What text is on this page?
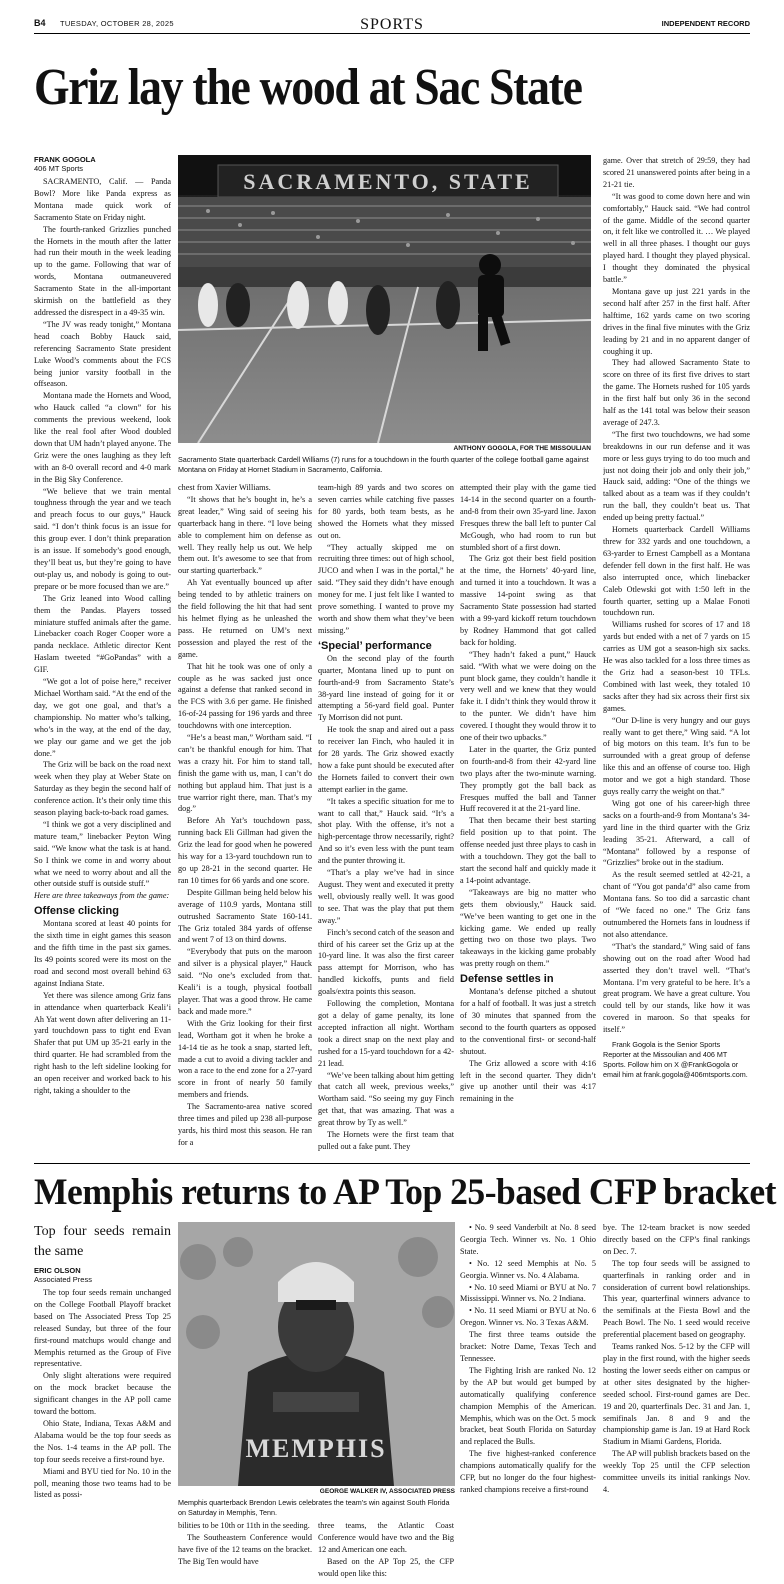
B4 TUESDAY, OCTOBER 28, 2025	SPORTS	INDEPENDENT RECORD
Griz lay the wood at Sac State
SACRAMENTO, STATE
ANTHONY GOGOLA, FOR THE MISSOULIAN
Sacramento State quarterback Cardell Williams (7) runs for a touchdown in the fourth quarter of the college football game against Montana on Friday at Hornet Stadium in Sacramento, California.
FRANK GOGOLA
406 MT Sports

SACRAMENTO, Calif. — Panda Bowl? More like Panda express as Montana made quick work of Sacramento State on Friday night.

The fourth-ranked Grizzlies punched the Hornets in the mouth after the latter had run their mouth in the week leading up to the game. Following that war of words, Montana outmaneuvered Sacramento State in the all-important skirmish on the battlefield as they addressed the disrespect in a 49-35 win.

“The JV was ready tonight,” Montana head coach Bobby Hauck said, referencing Sacramento State president Luke Wood’s comments about the FCS being junior varsity football in the offseason.

Montana made the Hornets and Wood, who Hauck called “a clown” for his comments the previous weekend, look like the real fool after Wood doubled down that UM hadn’t played anyone. The Griz were the ones laughing as they left with an 8-0 overall record and 4-0 mark in the Big Sky Conference.

“We believe that we train mental toughness through the year and we teach and preach focus to our guys,” Hauck said. “I don’t think focus is an issue for this group ever. I don’t think preparation is an issue. If somebody’s good enough, they’ll beat us, but they’re going to have out-play us, and nobody is going to out-prepare or be more focused than we are.”

The Griz leaned into Wood calling them the Pandas. Players tossed miniature stuffed animals after the game. Linebacker coach Roger Cooper wore a panda necklace. Athletic director Kent Haslam tweeted “#GoPandas” with a GIF.

“We got a lot of poise here,” receiver Michael Wortham said. “At the end of the day, we got one goal, and that’s a championship. No matter who’s talking, who’s in the way, at the end of the day, we play our game and we get the job done.”

The Griz will be back on the road next week when they play at Weber State on Saturday as they begin the second half of conference action. It’s their only time this season playing back-to-back road games.

“I think we got a very disciplined and mature team,” linebacker Peyton Wing said. “We know what the task is at hand. So I think we come in and worry about what we need to worry about and all the other outside stuff is outside stuff.”

Here are three takeaways from the game:

Offense clicking

Montana scored at least 40 points for the sixth time in eight games this season and the fifth time in the past six games. Its 49 points scored were its most on the road and second most overall behind 63 against Indiana State.

Yet there was silence among Griz fans in attendance when quarterback Keali’i Ah Yat went down after delivering an 11-yard touchdown pass to tight end Evan Shafer that put UM up 35-21 early in the third quarter. He had scrambled from the right hash to the left sideline looking for an open receiver and worked back to his right, taking a shoulder to the

chest from Xavier Williams.

“It shows that he’s bought in, he’s a great leader,” Wing said of seeing his quarterback hang in there. “I love being able to complement him on defense as well. They really help us out. We help them out. It’s awesome to see that from our starting quarterback.”

Ah Yat eventually bounced up after being tended to by athletic trainers on the field following the hit that had sent his helmet flying as he unleashed the pass. He returned on UM’s next possession and played the rest of the game.

That hit he took was one of only a couple as he was sacked just once against a defense that ranked second in the FCS with 3.6 per game. He finished 16-of-24 passing for 196 yards and three touchdowns with one interception.

“He’s a beast man,” Wortham said. “I can’t be thankful enough for him. That was a crazy hit. For him to stand tall, finish the game with us, man, I can’t do nothing but applaud him. That just is a true warrior right there, man. That’s my dog.”

Before Ah Yat’s touchdown pass, running back Eli Gillman had given the Griz the lead for good when he powered his way for a 13-yard touchdown run to go up 28-21 in the second quarter. He ran 10 times for 66 yards and one score.

Despite Gillman being held below his average of 110.9 yards, Montana still outrushed Sacramento State 160-141. The Griz totaled 384 yards of offense and went 7 of 13 on third downs.

“Everybody that puts on the maroon and silver is a physical player,” Hauck said. “No one’s excluded from that. Keali’i is a tough, physical football player. That was a good throw. He came back and made more.”

With the Griz looking for their first lead, Wortham got it when he broke a 14-14 tie as he took a snap, started left, made a cut to avoid a diving tackler and won a race to the end zone for a 27-yard score in front of nearly 50 family members and friends.

The Sacramento-area native scored three times and piled up 238 all-purpose yards, his third most this season. He ran for a

team-high 89 yards and two scores on seven carries while catching five passes for 80 yards, both team bests, as he showed the Hornets what they missed out on.

“They actually skipped me on recruiting three times: out of high school, JUCO and when I was in the portal,” he said. “They said they didn’t have enough money for me. I just felt like I wanted to prove something. I wanted to prove my worth and show them what they’ve been missing.”

‘Special’ performance

On the second play of the fourth quarter, Montana lined up to punt on fourth-and-9 from Sacramento State’s 38-yard line instead of going for it or attempting a 56-yard field goal. Punter Ty Morrison did not punt.

He took the snap and aired out a pass to receiver Ian Finch, who hauled it in for 28 yards. The Griz showed exactly how a fake punt should be executed after the Hornets failed to convert their own attempt earlier in the game.

“It takes a specific situation for me to want to call that,” Hauck said. “It’s a shot play. With the offense, it’s not a high-percentage throw necessarily, right? And so it’s even less with the punt team and the punter throwing it.

“That’s a play we’ve had in since August. They went and executed it pretty well, obviously really well. It was good to see. That was the play that put them away.”

Finch’s second catch of the season and third of his career set the Griz up at the 10-yard line. It was also the first career pass attempt for Morrison, who has handled kickoffs, punts and field goals/extra points this season.

Following the completion, Montana got a delay of game penalty, its lone accepted infraction all night. Wortham took a direct snap on the next play and rushed for a 15-yard touchdown for a 42-21 lead.

“We’ve been talking about him getting that catch all week, previous weeks,” Wortham said. “So seeing my guy Finch get that, that was amazing. That was a great throw by Ty as well.”

The Hornets were the first team that pulled out a fake punt. They

attempted their play with the game tied 14-14 in the second quarter on a fourth-and-8 from their own 35-yard line. Jaxon Fresques threw the ball left to punter Cal McGough, who had room to run but stumbled short of a first down.

The Griz got their best field position at the time, the Hornets’ 40-yard line, and turned it into a touchdown. It was a massive 14-point swing as that Sacramento State possession had started with a 99-yard kickoff return touchdown by Rodney Hammond that got called back for holding.

“They hadn’t faked a punt,” Hauck said. “With what we were doing on the punt block game, they couldn’t handle it very well and we knew that they would fake it. I didn’t think they would throw it to the punter. We didn’t have him covered. I thought they would throw it to one of their two upbacks.”

Later in the quarter, the Griz punted on fourth-and-8 from their 42-yard line two plays after the two-minute warning. They promptly got the ball back as Fresques muffed the ball and Tanner Huff recovered it at the 21-yard line.

That then became their best starting field position up to that point. The offense needed just three plays to cash in with a touchdown. They got the ball to start the second half and quickly made it a 14-point advantage.

“Takeaways are big no matter who gets them obviously,” Hauck said. “We’ve been wanting to get one in the kicking game. We ended up really getting two on those two plays. Two takeaways in the kicking game probably was pretty rough on them.”

Defense settles in

Montana’s defense pitched a shutout for a half of football. It was just a stretch of 30 minutes that spanned from the second to the fourth quarters as opposed to the conventional first- or second-half shutout.

The Griz allowed a score with 4:16 left in the second quarter. They didn’t give up another until their was 4:17 remaining in the

game. Over that stretch of 29:59, they had scored 21 unanswered points after being in a 21-21 tie.

“It was good to come down here and win comfortably,” Hauck said. “We had control of the game. Middle of the second quarter on, it felt like we controlled it. … We played well in all three phases. I thought our guys played hard. I thought they played physical. I thought they dominated the physical battle.”

Montana gave up just 221 yards in the second half after 257 in the first half. After halftime, 162 yards came on two scoring drives in the final five minutes with the Griz leading by 21 and in no apparent danger of coughing it up.

They had allowed Sacramento State to score on three of its first five drives to start the game. The Hornets rushed for 105 yards in the first half but only 36 in the second half as the 141 total was below their season average of 247.3.

“The first two touchdowns, we had some breakdowns in our run defense and it was more or less guys trying to do too much and just not doing their job and only their job,” Hauck said, adding: “One of the things we talked about as a team was if they couldn’t run the ball, they couldn’t beat us. That ended up being pretty factual.”

Hornets quarterback Cardell Williams threw for 332 yards and one touchdown, a 63-yarder to Ernest Campbell as a Montana defender fell down in the first half. He was also interrupted once, which linebacker Caleb Otlewski got with 1:50 left in the fourth quarter, setting up a Malae Fonoti touchdown run.

Williams rushed for scores of 17 and 18 yards but ended with a net of 7 yards on 15 carries as UM got a season-high six sacks. He was also tackled for a loss three times as the Griz had a season-best 10 TFLs. Combined with last week, they totaled 10 sacks after they had six across their first six games.

“Our D-line is very hungry and our guys really want to get there,” Wing said. “A lot of big motors on this team. It’s fun to be surrounded with a great group of defense like this and an offense of course too. High motor and we got a high standard. Those guys really carry the weight on that.”

Wing got one of his career-high three sacks on a fourth-and-9 from Montana’s 34-yard line in the third quarter with the Griz leading 35-21. Afterward, a call of “Montana” followed by a response of “Grizzlies” broke out in the stadium.

As the result seemed settled at 42-21, a chant of “You got panda’d” also came from Montana fans. So too did a sarcastic chant of “We faced no one.” The Griz fans outnumbered the Hornets fans in loudness if not also attendance.

“That’s the standard,” Wing said of fans showing out on the road after Wood had asserted they don’t travel well. “That’s Montana. I’m very grateful to be here. It’s a great program. We have a great culture. You could tell by our stands, like how it was covered in maroon. So that speaks for itself.”

Frank Gogola is the Senior Sports Reporter at the Missoulian and 406 MT Sports. Follow him on X @FrankGogola or email him at frank.gogola@406mtsports.com.

Memphis returns to AP Top 25-based CFP bracket
Top four seeds remain the same
ERIC OLSON
Associated Press

The top four seeds remain unchanged on the College Football Playoff bracket based on The Associated Press Top 25 released Sunday, but three of the four first-round matchups would change and Memphis returned as the Group of Five representative.

Only slight alterations were required on the mock bracket because the significant changes in the AP poll came toward the bottom.

Ohio State, Indiana, Texas A&M and Alabama would be the top four seeds as the Nos. 1-4 teams in the AP poll. The top four seeds receive a first-round bye.

Miami and BYU tied for No. 10 in the poll, meaning those two teams had to be listed as possi-

MEMPHIS
GEORGE WALKER IV, ASSOCIATED PRESS
Memphis quarterback Brendon Lewis celebrates the team’s win against South Florida on Saturday in Memphis, Tenn.

bilities to be 10th or 11th in the seeding.

The Southeastern Conference would have five of the 12 teams on the bracket. The Big Ten would have

three teams, the Atlantic Coast Conference would have two and the Big 12 and American one each.

Based on the AP Top 25, the CFP would open like this:

• No. 9 seed Vanderbilt at No. 8 seed Georgia Tech. Winner vs. No. 1 Ohio State.

• No. 12 seed Memphis at No. 5 Georgia. Winner vs. No. 4 Alabama.

• No. 10 seed Miami or BYU at No. 7 Mississippi. Winner vs. No. 2 Indiana.

• No. 11 seed Miami or BYU at No. 6 Oregon. Winner vs. No. 3 Texas A&M.

The first three teams outside the bracket: Notre Dame, Texas Tech and Tennessee.

The Fighting Irish are ranked No. 12 by the AP but would get bumped by automatically qualifying conference champion Memphis of the American. Memphis, which was on the Oct. 5 mock bracket, beat South Florida on Saturday and replaced the Bulls.

The five highest-ranked conference champions automatically qualify for the CFP, but no longer do the four highest-ranked champions receive a first-round

bye. The 12-team bracket is now seeded directly based on the CFP’s final rankings on Dec. 7.

The top four seeds will be assigned to quarterfinals in ranking order and in consideration of current bowl relationships. This year, quarterfinal winners advance to the semifinals at the Fiesta Bowl and the Peach Bowl. The No. 1 seed would receive preferential placement based on geography.

Teams ranked Nos. 5-12 by the CFP will play in the first round, with the higher seeds hosting the lower seeds either on campus or at other sites designated by the higher-seeded school. First-round games are Dec. 19 and 20, quarterfinals Dec. 31 and Jan. 1, semifinals Jan. 8 and 9 and the championship game is Jan. 19 at Hard Rock Stadium in Miami Gardens, Florida.

The AP will publish brackets based on the weekly Top 25 until the CFP selection committee unveils its initial rankings Nov. 4.
